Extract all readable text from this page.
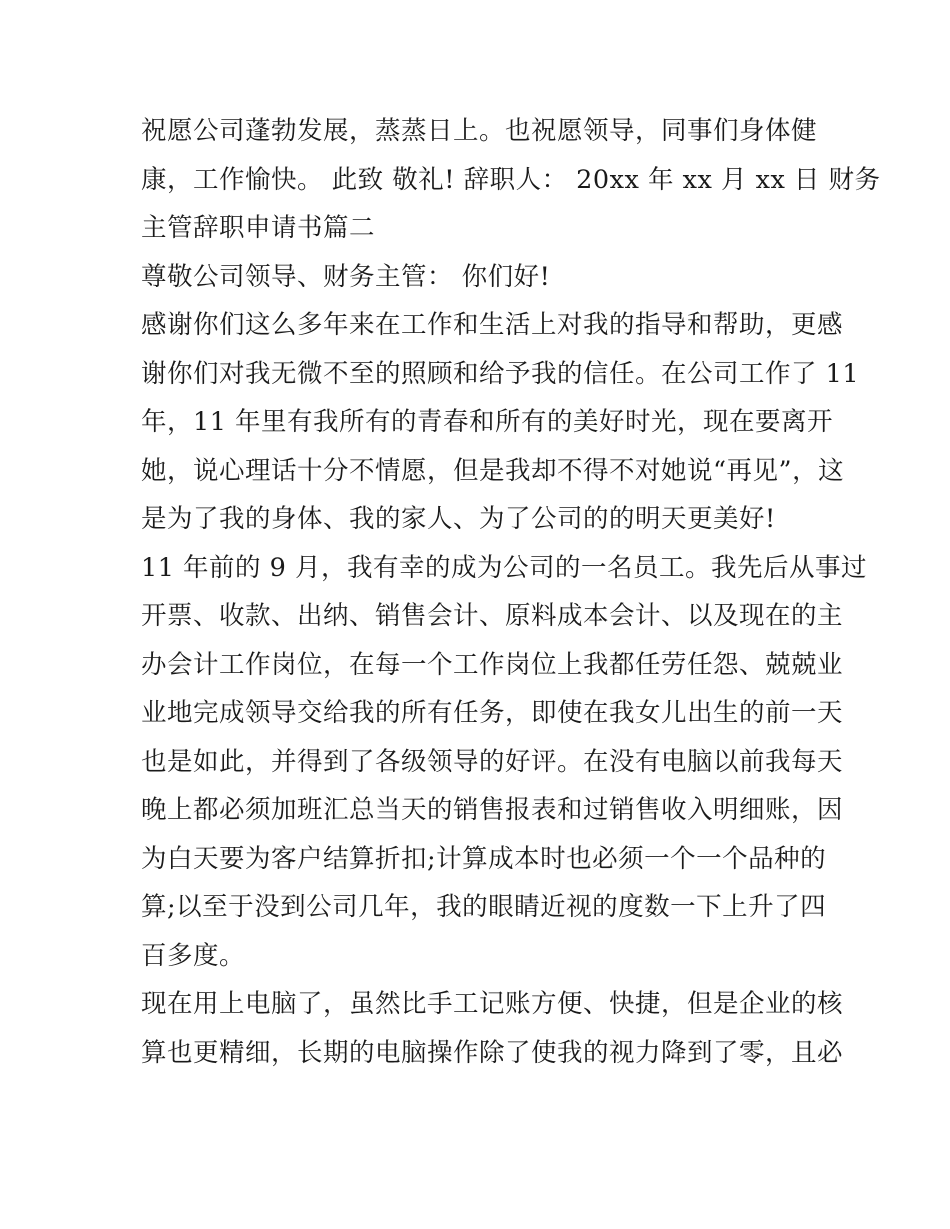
祝愿公司蓬勃发展，蒸蒸日上。也祝愿领导，同事们身体健
康，工作愉快。 此致 敬礼! 辞职人： 20xx 年 xx 月 xx 日 财务
主管辞职申请书篇二
尊敬公司领导、财务主管： 你们好!
感谢你们这么多年来在工作和生活上对我的指导和帮助，更感
谢你们对我无微不至的照顾和给予我的信任。在公司工作了 11
年，11 年里有我所有的青春和所有的美好时光，现在要离开
她，说心理话十分不情愿，但是我却不得不对她说“再见”，这
是为了我的身体、我的家人、为了公司的的明天更美好!
11 年前的 9 月，我有幸的成为公司的一名员工。我先后从事过
开票、收款、出纳、销售会计、原料成本会计、以及现在的主
办会计工作岗位，在每一个工作岗位上我都任劳任怨、兢兢业
业地完成领导交给我的所有任务，即使在我女儿出生的前一天
也是如此，并得到了各级领导的好评。在没有电脑以前我每天
晚上都必须加班汇总当天的销售报表和过销售收入明细账，因
为白天要为客户结算折扣;计算成本时也必须一个一个品种的
算;以至于没到公司几年，我的眼睛近视的度数一下上升了四
百多度。
现在用上电脑了，虽然比手工记账方便、快捷，但是企业的核
算也更精细，长期的电脑操作除了使我的视力降到了零，且必
